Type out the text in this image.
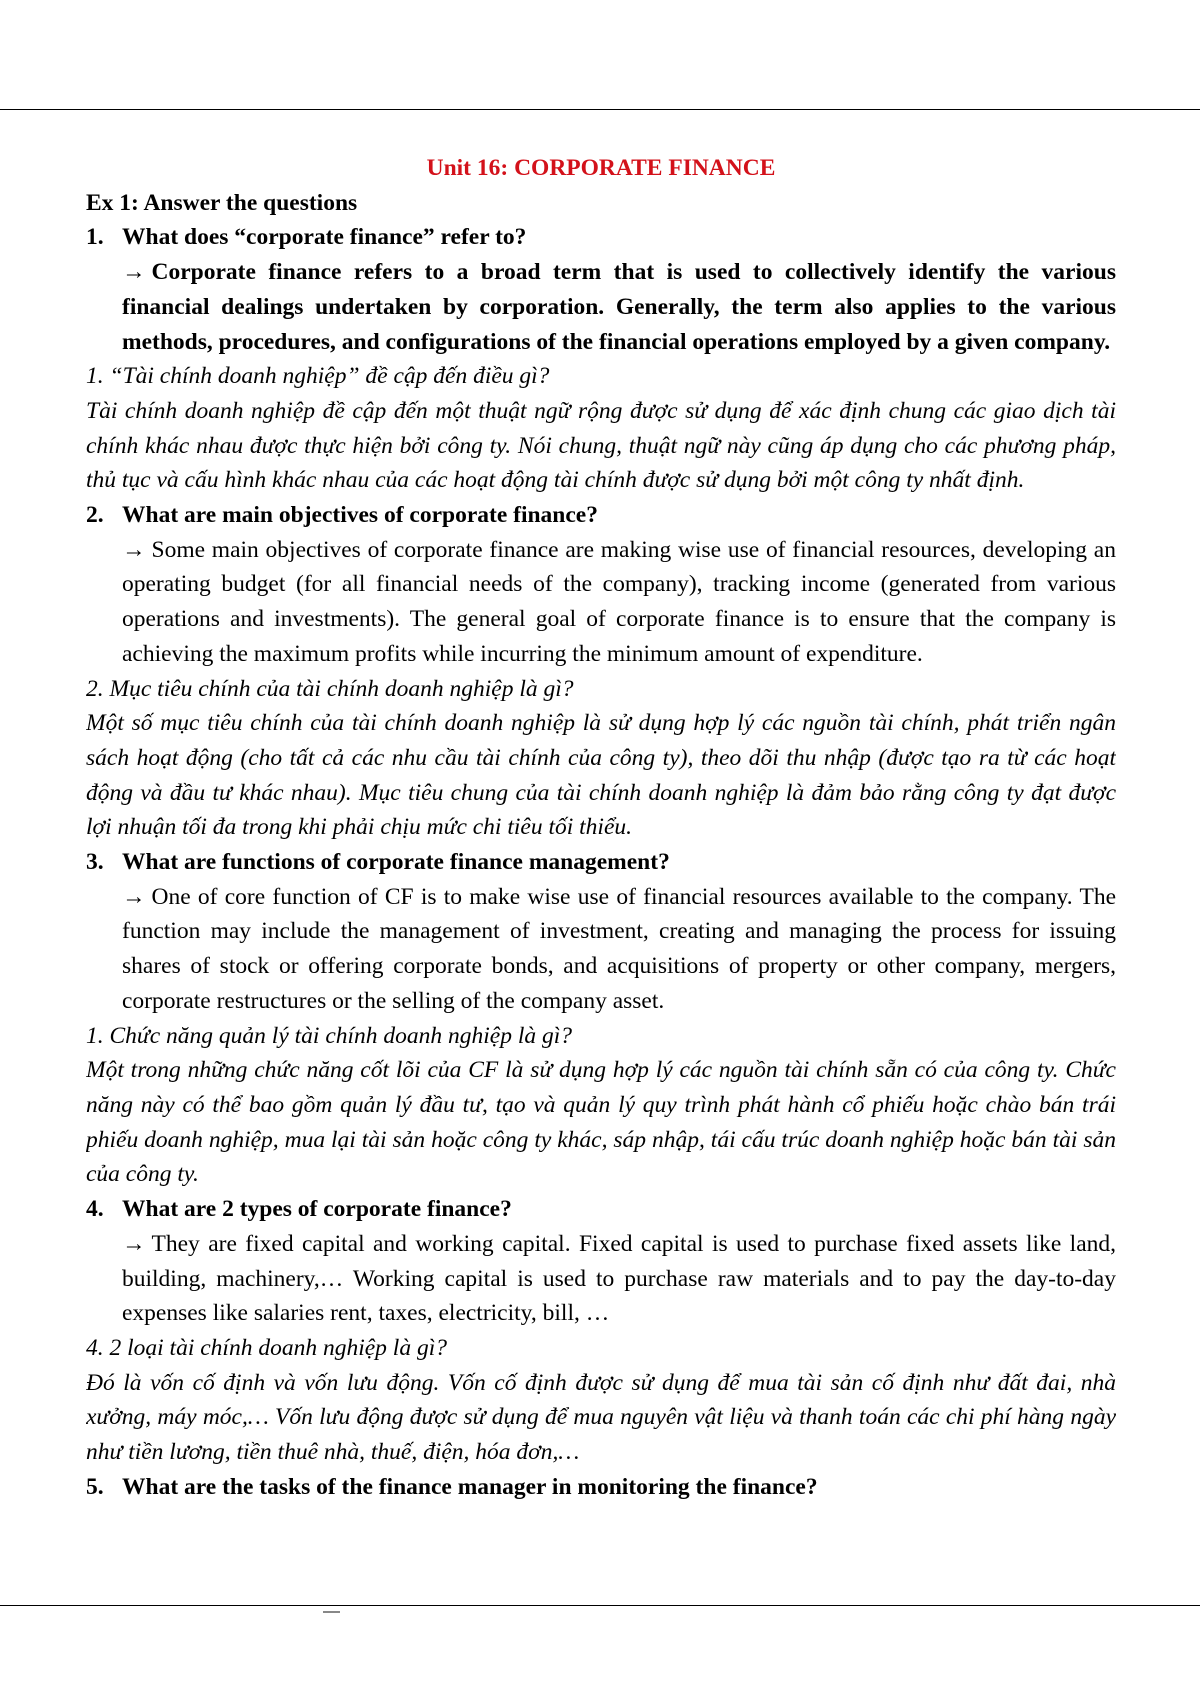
Unit 16: CORPORATE FINANCE

Ex 1: Answer the questions

1. What does “corporate finance” refer to?

→ Corporate finance refers to a broad term that is used to collectively identify the various financial dealings undertaken by corporation. Generally, the term also applies to the various methods, procedures, and configurations of the financial operations employed by a given company.

1. “Tài chính doanh nghiệp” đề cập đến điều gì?

Tài chính doanh nghiệp đề cập đến một thuật ngữ rộng được sử dụng để xác định chung các giao dịch tài chính khác nhau được thực hiện bởi công ty. Nói chung, thuật ngữ này cũng áp dụng cho các phương pháp, thủ tục và cấu hình khác nhau của các hoạt động tài chính được sử dụng bởi một công ty nhất định.

2. What are main objectives of corporate finance?

→ Some main objectives of corporate finance are making wise use of financial resources, developing an operating budget (for all financial needs of the company), tracking income (generated from various operations and investments). The general goal of corporate finance is to ensure that the company is achieving the maximum profits while incurring the minimum amount of expenditure.

2. Mục tiêu chính của tài chính doanh nghiệp là gì?

Một số mục tiêu chính của tài chính doanh nghiệp là sử dụng hợp lý các nguồn tài chính, phát triển ngân sách hoạt động (cho tất cả các nhu cầu tài chính của công ty), theo dõi thu nhập (được tạo ra từ các hoạt động và đầu tư khác nhau). Mục tiêu chung của tài chính doanh nghiệp là đảm bảo rằng công ty đạt được lợi nhuận tối đa trong khi phải chịu mức chi tiêu tối thiểu.

3. What are functions of corporate finance management?

→ One of core function of CF is to make wise use of financial resources available to the company. The function may include the management of investment, creating and managing the process for issuing shares of stock or offering corporate bonds, and acquisitions of property or other company, mergers, corporate restructures or the selling of the company asset.

1. Chức năng quản lý tài chính doanh nghiệp là gì?

Một trong những chức năng cốt lõi của CF là sử dụng hợp lý các nguồn tài chính sẵn có của công ty. Chức năng này có thể bao gồm quản lý đầu tư, tạo và quản lý quy trình phát hành cổ phiếu hoặc chào bán trái phiếu doanh nghiệp, mua lại tài sản hoặc công ty khác, sáp nhập, tái cấu trúc doanh nghiệp hoặc bán tài sản của công ty.

4. What are 2 types of corporate finance?

→ They are fixed capital and working capital. Fixed capital is used to purchase fixed assets like land, building, machinery,… Working capital is used to purchase raw materials and to pay the day-to-day expenses like salaries rent, taxes, electricity, bill, …

4. 2 loại tài chính doanh nghiệp là gì?

Đó là vốn cố định và vốn lưu động. Vốn cố định được sử dụng để mua tài sản cố định như đất đai, nhà xưởng, máy móc,… Vốn lưu động được sử dụng để mua nguyên vật liệu và thanh toán các chi phí hàng ngày như tiền lương, tiền thuê nhà, thuế, điện, hóa đơn,…

5. What are the tasks of the finance manager in monitoring the finance?
